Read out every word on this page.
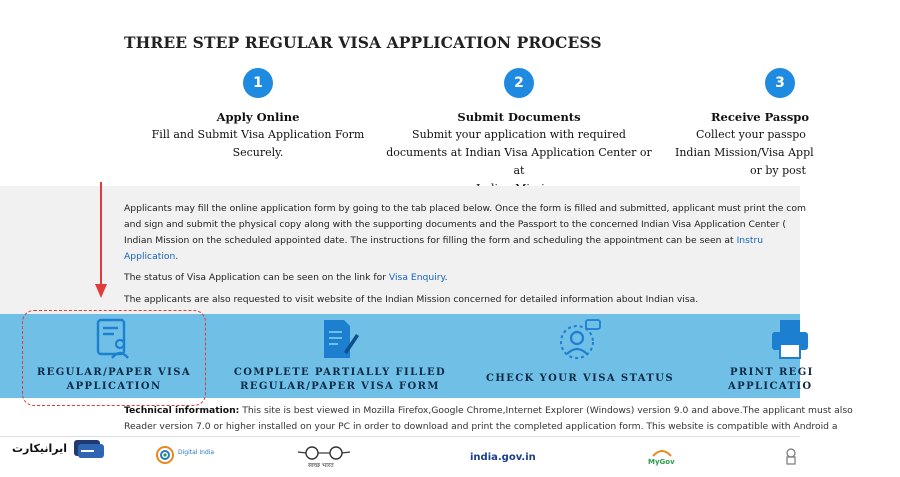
THREE STEP REGULAR VISA APPLICATION PROCESS
1
Apply Online
Fill and Submit Visa Application Form Securely.
2
Submit Documents
Submit your application with required
documents at Indian Visa Application Center or at
3
Receive Passpo
Collect your passpo
Indian Mission/Visa Appl
or by post
Applicants may fill the online application form by going to the tab placed below. Once the form is filled and submitted, applicant must print the com
and sign and submit the physical copy along with the supporting documents and the Passport to the concerned Indian Visa Application Center (
Indian Mission on the scheduled appointed date. The instructions for filling the form and scheduling the appointment can be seen at Instru
Application.
The status of Visa Application can be seen on the link for Visa Enquiry.
The applicants are also requested to visit website of the Indian Mission concerned for detailed information about Indian visa.
REGULAR/PAPER VISA
APPLICATION
COMPLETE PARTIALLY FILLED
REGULAR/PAPER VISA FORM
CHECK YOUR VISA STATUS
PRINT REGI
APPLICATIO
Technical information: This site is best viewed in Mozilla Firefox,Google Chrome,Internet Explorer (Windows) version 9.0 and above.The applicant must also
Reader version 7.0 or higher installed on your PC in order to download and print the completed application form. This website is compatible with Android a
ایرانیکارت	Digital India
स्वच्छ भारत
india.gov.in	MyGov
